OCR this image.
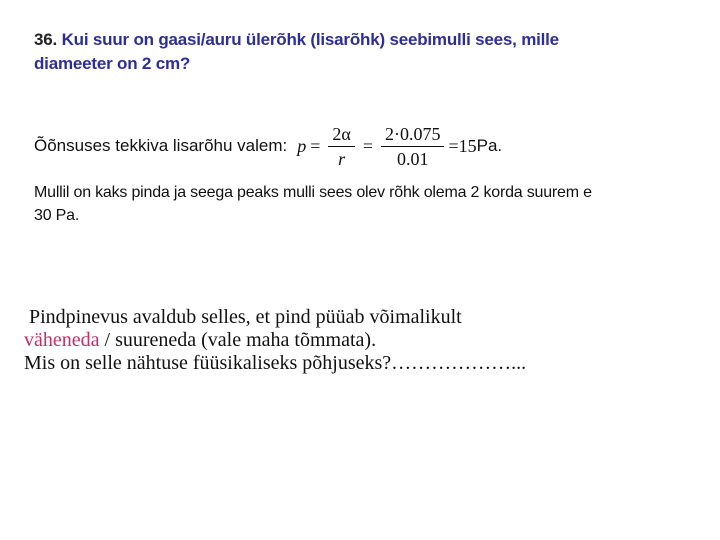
36. Kui suur on gaasi/auru ülerõhk (lisarõhk) seebimulli sees, mille
diameeter on 2 cm?
Õõnsuses tekkiva lisarõhu valem: $p = \frac{2\alpha}{r} = \frac{2\cdot 0.075}{0.01} =15$ Pa.
Mullil on kaks pinda ja seega peaks mulli sees olev rõhk olema 2 korda suurem e
30 Pa.
Pindpinevus avaldub selles, et pind püüab võimalikult
väheneda / suureneda (vale maha tõmmata).
Mis on selle nähtuse füüsikaliseks põhjuseks?………………...
